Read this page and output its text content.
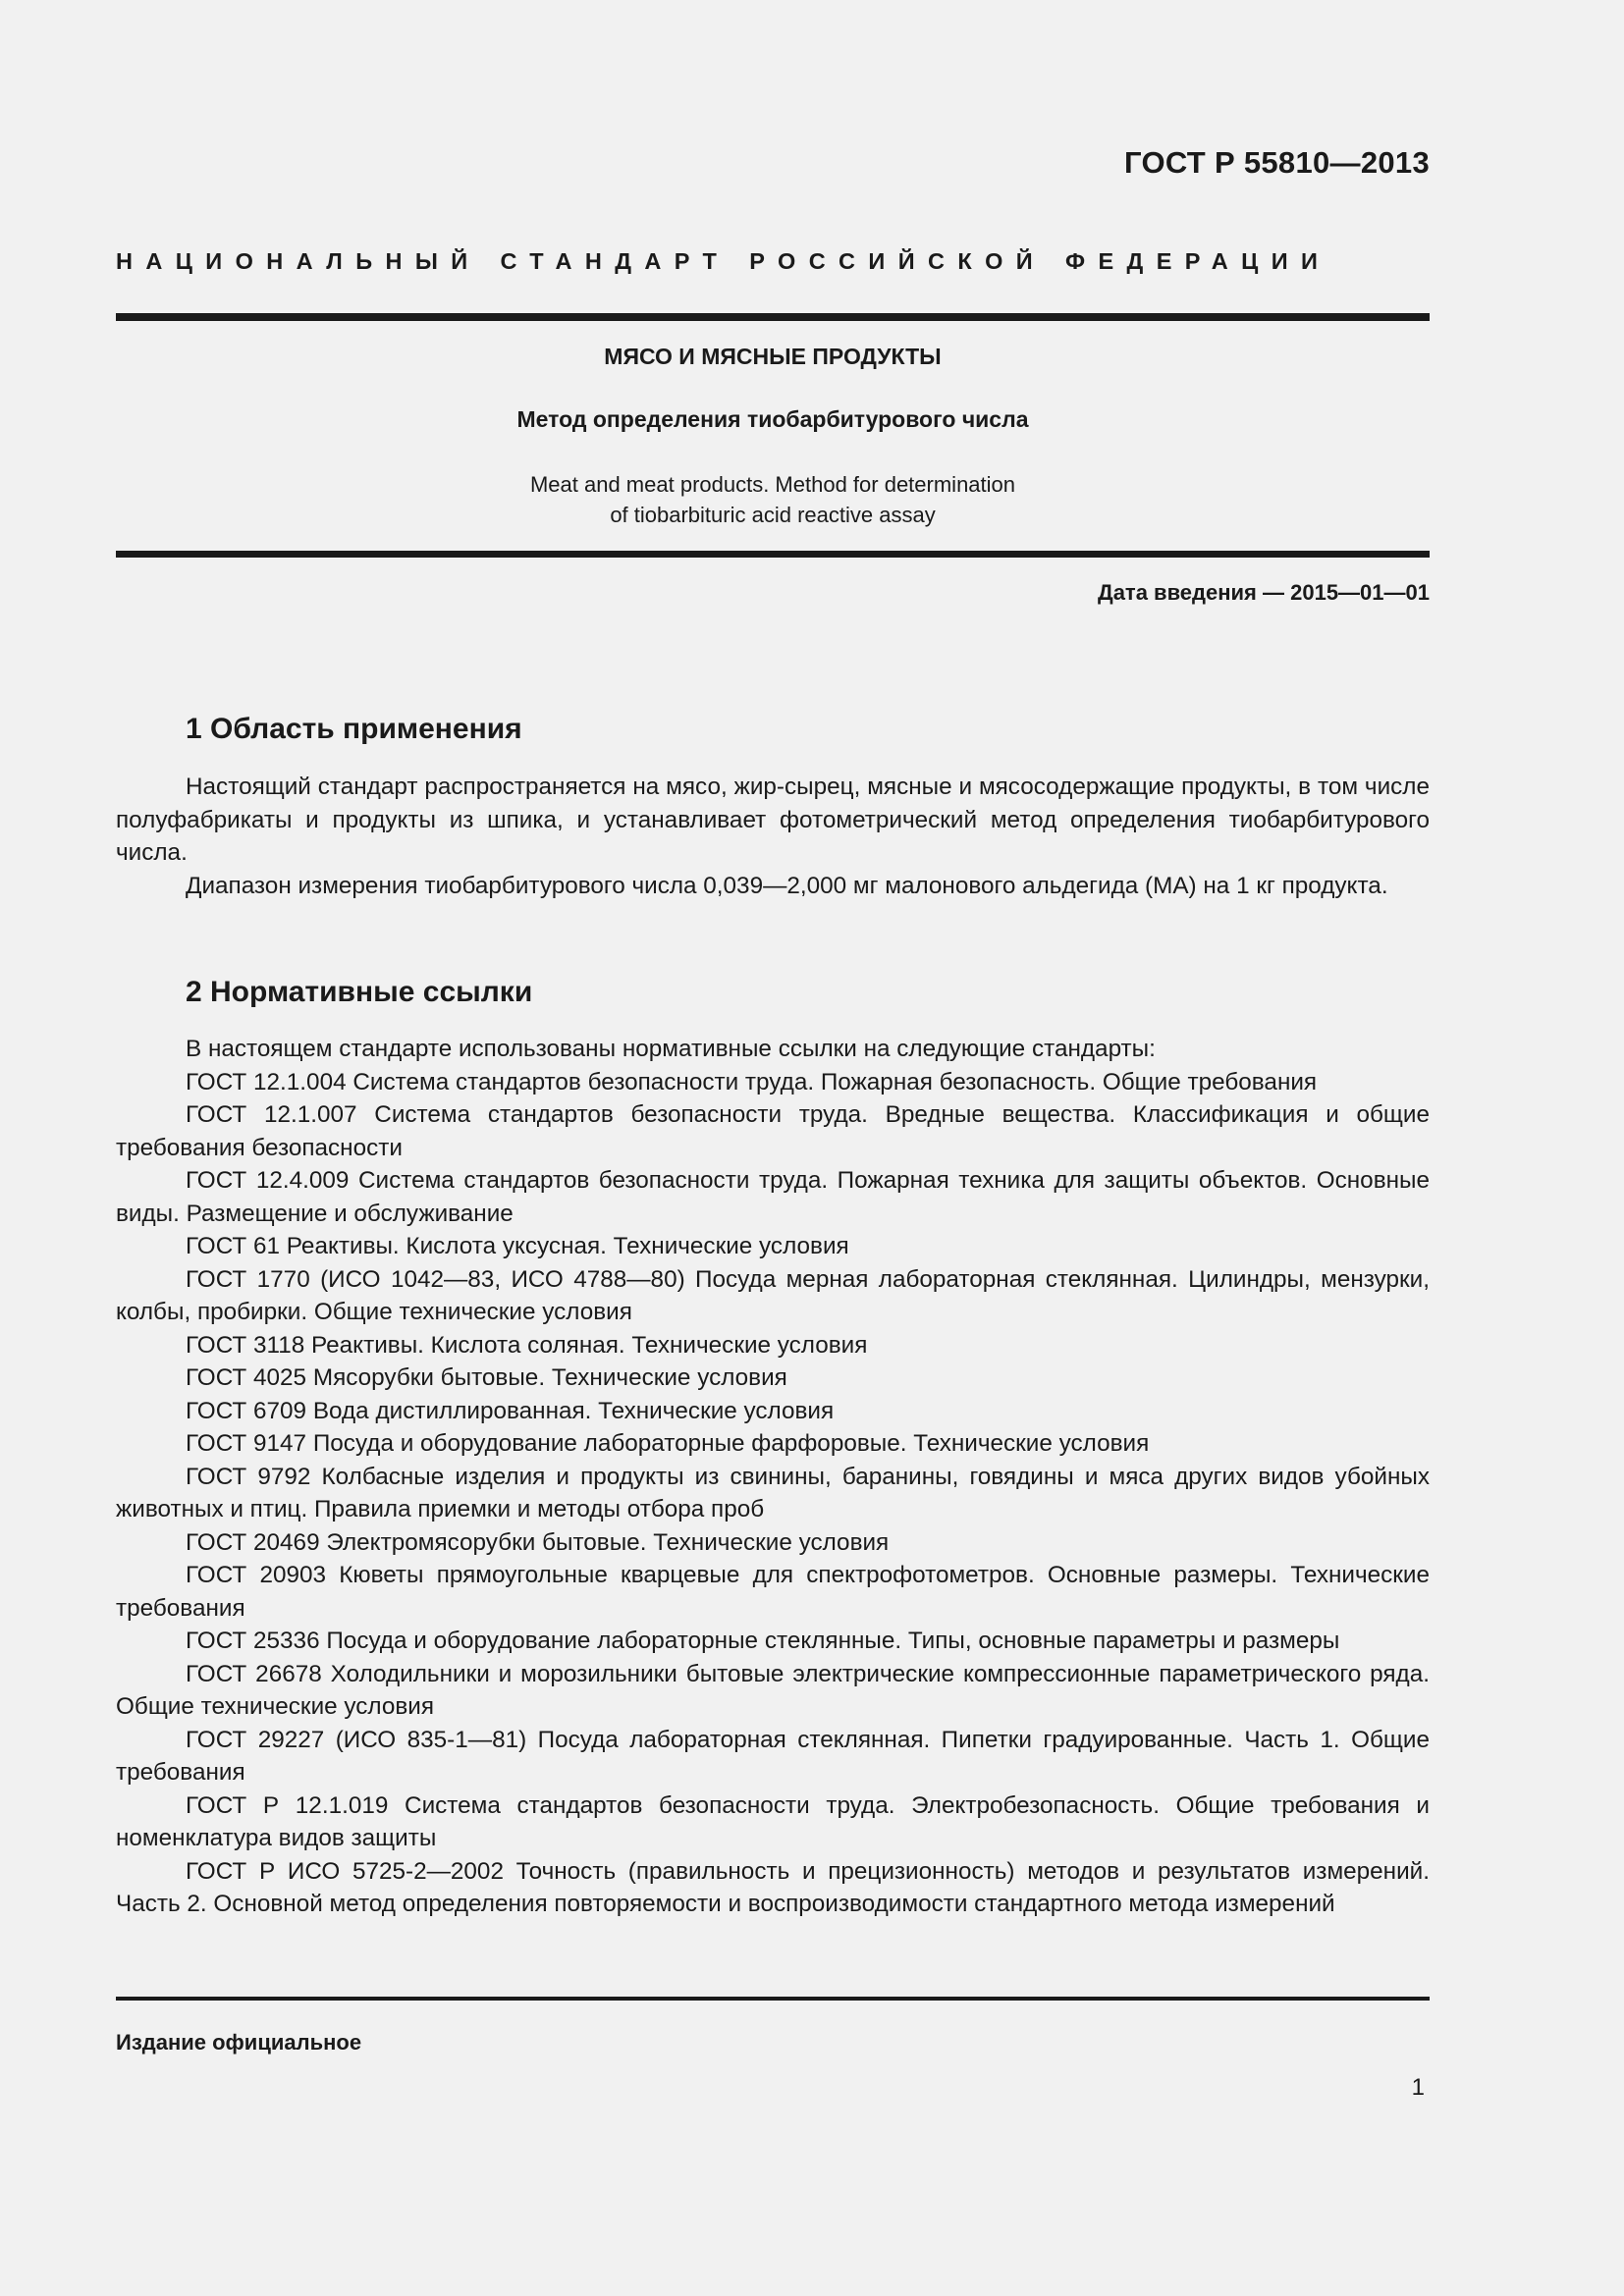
ГОСТ Р 55810—2013
НАЦИОНАЛЬНЫЙ СТАНДАРТ РОССИЙСКОЙ ФЕДЕРАЦИИ
МЯСО И МЯСНЫЕ ПРОДУКТЫ
Метод определения тиобарбитурового числа
Meat and meat products. Method for determination
of tiobarbituric acid reactive assay
Дата введения — 2015—01—01
1 Область применения

Настоящий стандарт распространяется на мясо, жир-сырец, мясные и мясосодержащие продукты, в том числе полуфабрикаты и продукты из шпика, и устанавливает фотометрический метод определения тиобарбитурового числа.

Диапазон измерения тиобарбитурового числа 0,039—2,000 мг малонового альдегида (МА) на 1 кг продукта.

2 Нормативные ссылки

В настоящем стандарте использованы нормативные ссылки на следующие стандарты:

ГОСТ 12.1.004 Система стандартов безопасности труда. Пожарная безопасность. Общие требования

ГОСТ 12.1.007 Система стандартов безопасности труда. Вредные вещества. Классификация и общие требования безопасности

ГОСТ 12.4.009 Система стандартов безопасности труда. Пожарная техника для защиты объектов. Основные виды. Размещение и обслуживание

ГОСТ 61 Реактивы. Кислота уксусная. Технические условия

ГОСТ 1770 (ИСО 1042—83, ИСО 4788—80) Посуда мерная лабораторная стеклянная. Цилиндры, мензурки, колбы, пробирки. Общие технические условия

ГОСТ 3118 Реактивы. Кислота соляная. Технические условия

ГОСТ 4025 Мясорубки бытовые. Технические условия

ГОСТ 6709 Вода дистиллированная. Технические условия

ГОСТ 9147 Посуда и оборудование лабораторные фарфоровые. Технические условия

ГОСТ 9792 Колбасные изделия и продукты из свинины, баранины, говядины и мяса других видов убойных животных и птиц. Правила приемки и методы отбора проб

ГОСТ 20469 Электромясорубки бытовые. Технические условия

ГОСТ 20903 Кюветы прямоугольные кварцевые для спектрофотометров. Основные размеры. Технические требования

ГОСТ 25336 Посуда и оборудование лабораторные стеклянные. Типы, основные параметры и размеры

ГОСТ 26678 Холодильники и морозильники бытовые электрические компрессионные параметрического ряда. Общие технические условия

ГОСТ 29227 (ИСО 835-1—81) Посуда лабораторная стеклянная. Пипетки градуированные. Часть 1. Общие требования

ГОСТ Р 12.1.019 Система стандартов безопасности труда. Электробезопасность. Общие требования и номенклатура видов защиты

ГОСТ Р ИСО 5725-2—2002 Точность (правильность и прецизионность) методов и результатов измерений. Часть 2. Основной метод определения повторяемости и воспроизводимости стандартного метода измерений

Издание официальное
1
